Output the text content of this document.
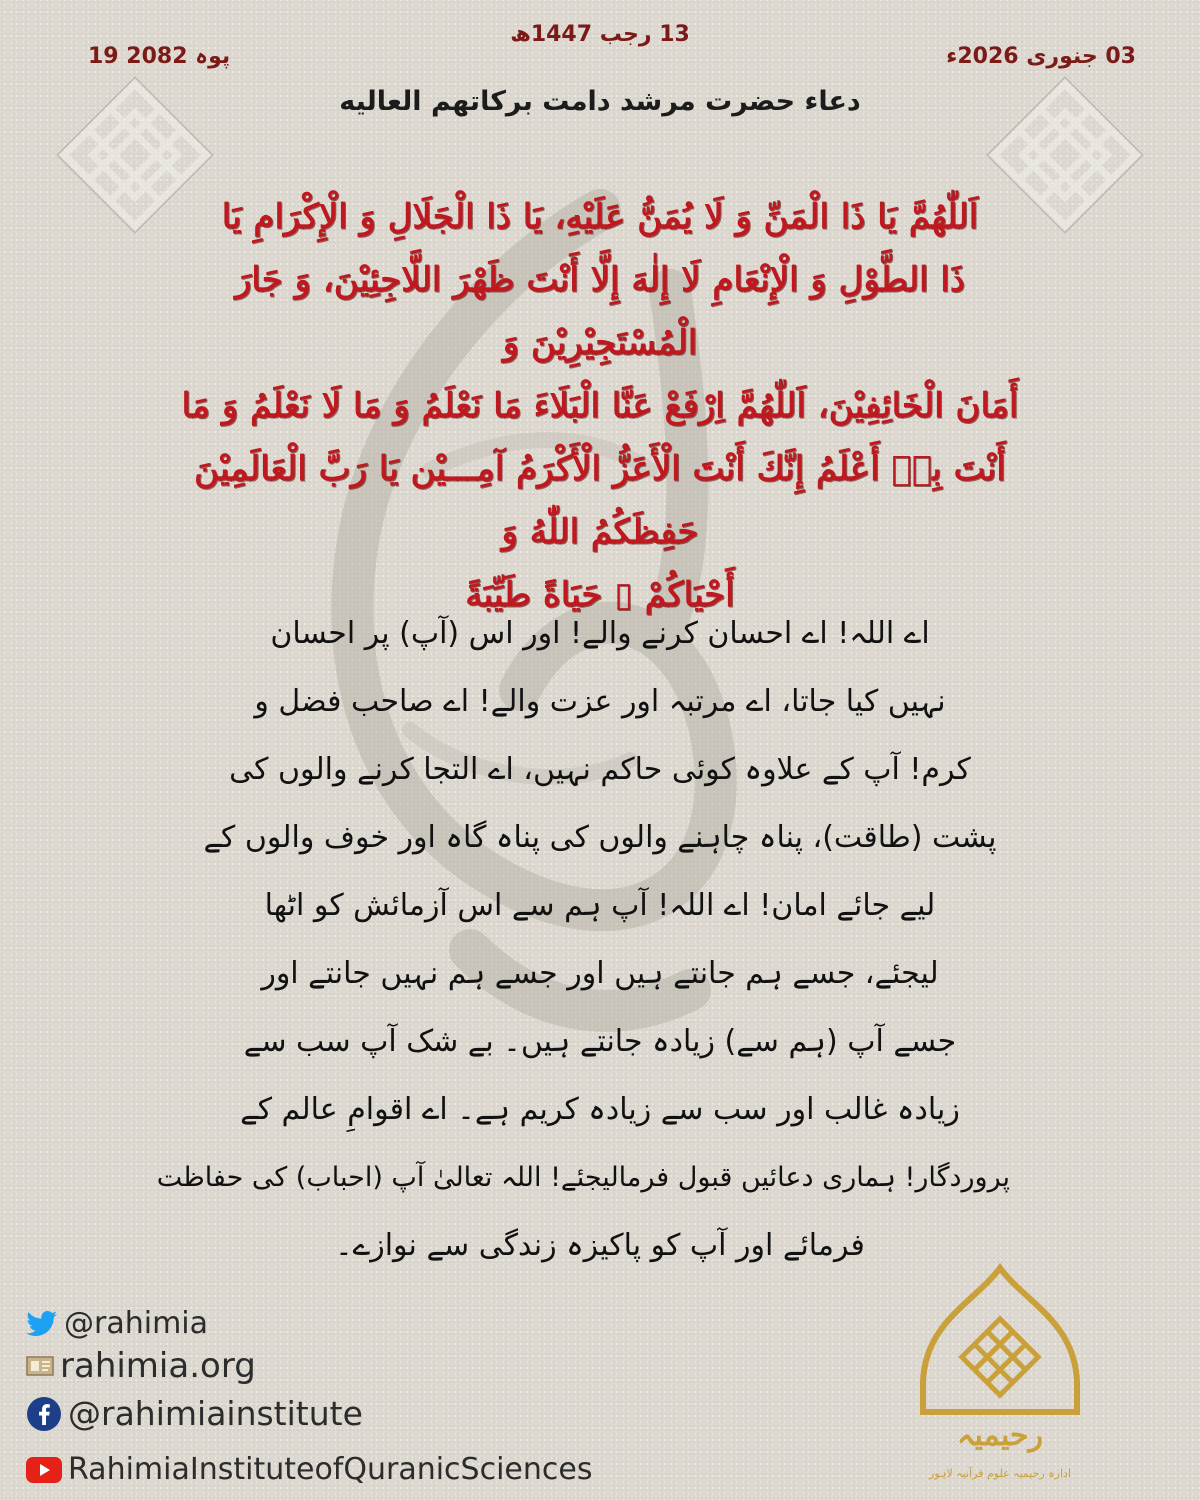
13 رجب 1447ھ
19 پوہ 2082	03 جنوری 2026ء
دعاء حضرت مرشد دامت برکاتهم العاليه
اَللّٰهُمَّ يَا ذَا الْمَنِّ وَ لَا يُمَنُّ عَلَيْهِ، يَا ذَا الْجَلَالِ وَ الْإِكْرَامِ يَا
ذَا الطَّوْلِ وَ الْإِنْعَامِ لَا إِلٰهَ إِلَّا أَنْتَ ظَهْرَ اللَّاجِئِيْنَ، وَ جَارَ الْمُسْتَجِيْرِيْنَ وَ
أَمَانَ الْخَائِفِيْنَ، اَللّٰهُمَّ اِرْفَعْ عَنَّا الْبَلَاءَ مَا نَعْلَمُ وَ مَا لَا نَعْلَمُ وَ مَا
أَنْتَ بِهٖ أَعْلَمُ إِنَّكَ أَنْتَ الْأَعَزُّ الْأَكْرَمُ آمِـــيْن يَا رَبَّ الْعَالَمِيْنَ حَفِظَكُمُ اللّٰهُ وَ
أَحْيَاكُمْ ▯ حَيَاةً طَيِّبَةً
اے اللہ! اے احسان کرنے والے! اور اس (آپ) پر احسان
نہیں کیا جاتا، اے مرتبہ اور عزت والے! اے صاحب فضل و
کرم! آپ کے علاوہ کوئی حاکم نہیں، اے التجا کرنے والوں کی
پشت (طاقت)، پناہ چاہنے والوں کی پناہ گاہ اور خوف والوں کے
لیے جائے امان! اے اللہ! آپ ہم سے اس آزمائش کو اٹھا
لیجئے، جسے ہم جانتے ہیں اور جسے ہم نہیں جانتے اور
جسے آپ (ہم سے) زیادہ جانتے ہیں۔ بے شک آپ سب سے
زیادہ غالب اور سب سے زیادہ کریم ہے۔ اے اقوامِ عالم کے
پروردگار! ہماری دعائیں قبول فرمالیجئے! اللہ تعالیٰ آپ (احباب) کی حفاظت
فرمائے اور آپ کو پاکیزہ زندگی سے نوازے۔
@rahimia
rahimia.org
@rahimiainstitute
RahimiaInstituteofQuranicSciences
رحیمیہ
ادارہ رحیمیہ علوم قرآنیہ لاہور
